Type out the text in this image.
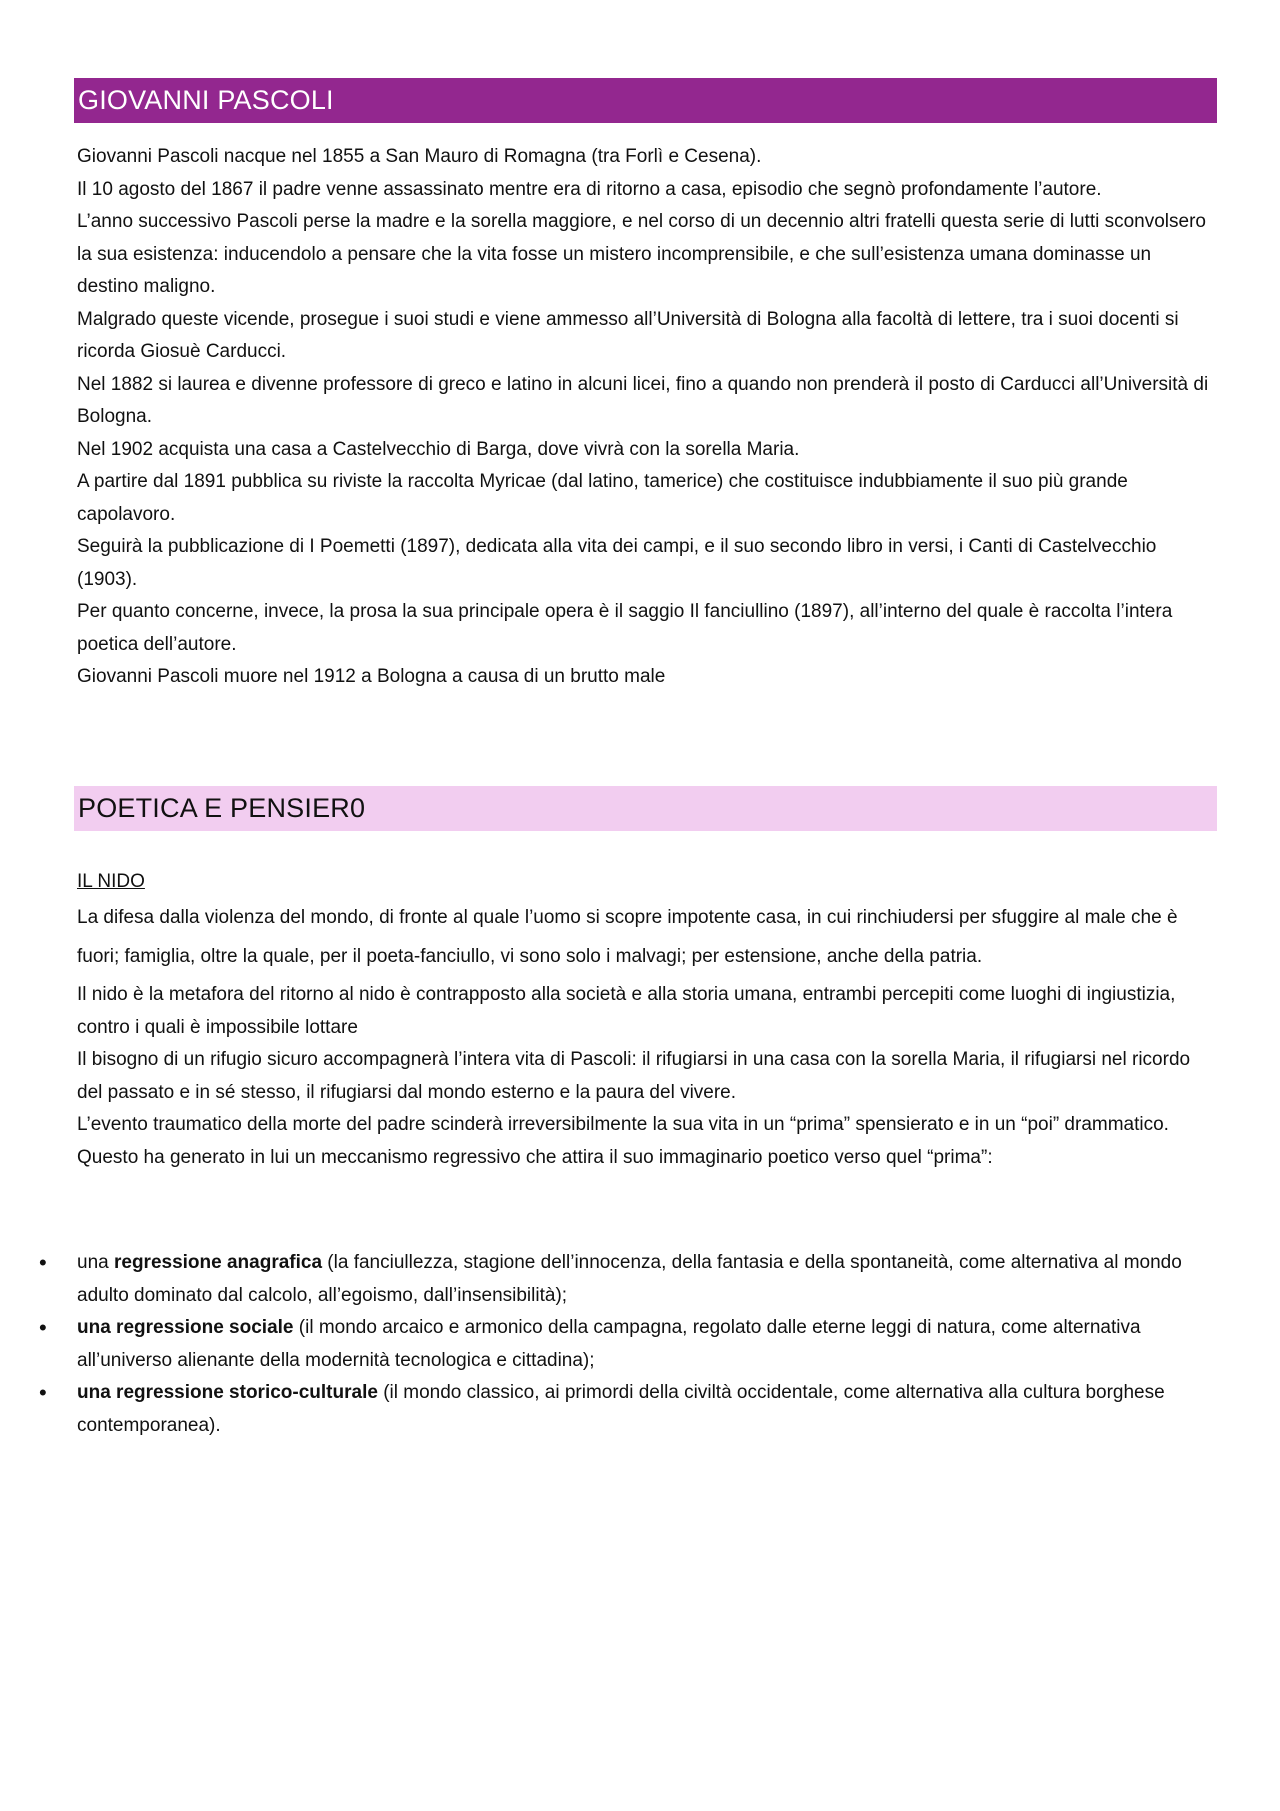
GIOVANNI PASCOLI

Giovanni Pascoli nacque nel 1855 a San Mauro di Romagna (tra Forlì e Cesena).

Il 10 agosto del 1867 il padre venne assassinato mentre era di ritorno a casa, episodio che segnò profondamente l’autore.

L’anno successivo Pascoli perse la madre e la sorella maggiore, e nel corso di un decennio altri fratelli questa serie di lutti sconvolsero la sua esistenza: inducendolo a pensare che la vita fosse un mistero incomprensibile, e che sull’esistenza umana dominasse un destino maligno.

Malgrado queste vicende, prosegue i suoi studi e viene ammesso all’Università di Bologna alla facoltà di lettere, tra i suoi docenti si ricorda Giosuè Carducci.

Nel 1882 si laurea e divenne professore di greco e latino in alcuni licei, fino a quando non prenderà il posto di Carducci all’Università di Bologna.

Nel 1902 acquista una casa a Castelvecchio di Barga, dove vivrà con la sorella Maria.

A partire dal 1891 pubblica su riviste la raccolta Myricae (dal latino, tamerice) che costituisce indubbiamente il suo più grande capolavoro.

Seguirà la pubblicazione di I Poemetti (1897), dedicata alla vita dei campi, e il suo secondo libro in versi, i Canti di Castelvecchio (1903).

Per quanto concerne, invece, la prosa la sua principale opera è il saggio Il fanciullino (1897), all’interno del quale è raccolta l’intera poetica dell’autore.

Giovanni Pascoli muore nel 1912 a Bologna a causa di un brutto male

POETICA E PENSIER0
IL NIDO

La difesa dalla violenza del mondo, di fronte al quale l’uomo si scopre impotente casa, in cui rinchiudersi per sfuggire al male che è fuori; famiglia, oltre la quale, per il poeta-fanciullo, vi sono solo i malvagi; per estensione, anche della patria.

Il nido è la metafora del ritorno al nido è contrapposto alla società e alla storia umana, entrambi percepiti come luoghi di ingiustizia, contro i quali è impossibile lottare

Il bisogno di un rifugio sicuro accompagnerà l’intera vita di Pascoli: il rifugiarsi in una casa con la sorella Maria, il rifugiarsi nel ricordo del passato e in sé stesso, il rifugiarsi dal mondo esterno e la paura del vivere.

L’evento traumatico della morte del padre scinderà irreversibilmente la sua vita in un “prima” spensierato e in un “poi” drammatico.

Questo ha generato in lui un meccanismo regressivo che attira il suo immaginario poetico verso quel “prima”:

• una regressione anagrafica (la fanciullezza, stagione dell’innocenza, della fantasia e della spontaneità, come alternativa al mondo adulto dominato dal calcolo, all’egoismo, dall’insensibilità);
• una regressione sociale (il mondo arcaico e armonico della campagna, regolato dalle eterne leggi di natura, come alternativa all’universo alienante della modernità tecnologica e cittadina);
• una regressione storico-culturale (il mondo classico, ai primordi della civiltà occidentale, come alternativa alla cultura borghese contemporanea).
